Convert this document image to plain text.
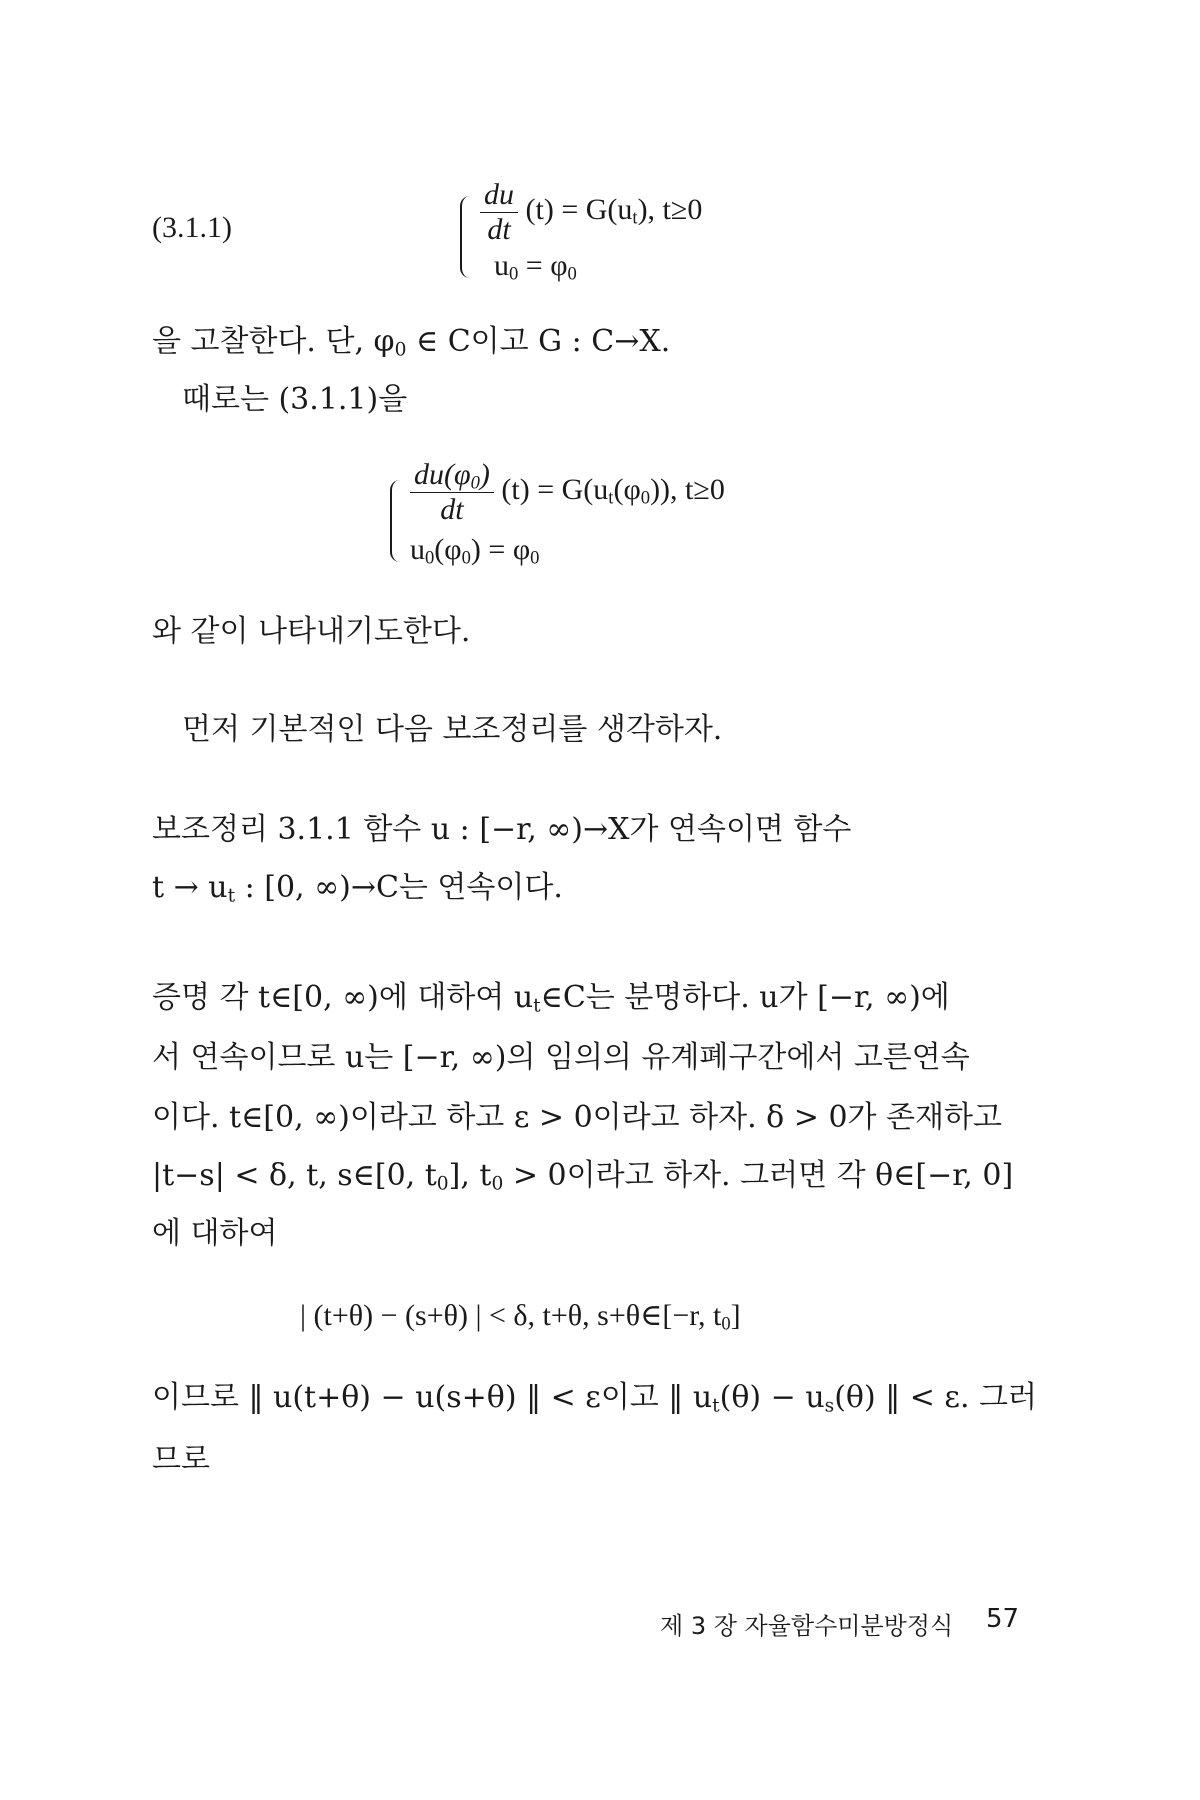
(3.1.1)	$\frac{du}{dt} (t) = G(u_t)$, t≥0
$u_0 = \varphi_0$
을 고찰한다. 단, $\varphi_0$ ∈ C이고 G : C→X.
때로는 (3.1.1)을
$\frac{du(\varphi_0)}{dt} (t) = G(u_t(\varphi_0))$, t≥0
$u_0(\varphi_0) = \varphi_0$
와 같이 나타내기도한다.
먼저 기본적인 다음 보조정리를 생각하자.
보조정리 3.1.1 함수 u : [−r, ∞)→X가 연속이면 함수
$t \to u_t$ : [0, ∞)→C는 연속이다.
증명 각 t∈[0, ∞)에 대하여 $u_t\in C$는 분명하다. u가 [−r, ∞)에
서 연속이므로 u는 [−r, ∞)의 임의의 유계폐구간에서 고른연속
이다. t∈[0, ∞)이라고 하고 ε > 0이라고 하자. δ > 0가 존재하고
|t−s| < δ, t, s∈[0, $t_0$], $t_0 > 0$이라고 하자. 그러면 각 θ∈[−r, 0]
에 대하여
| (t+θ) − (s+θ) | < δ, t+θ, s+θ∈[−r, $t_0$]
이므로 ‖ u(t+θ) − u(s+θ) ‖ < ε이고 ‖ $u_t(\theta) - u_s(\theta)$ ‖ < ε. 그러
므로
제 3 장 자율함수미분방정식 57
